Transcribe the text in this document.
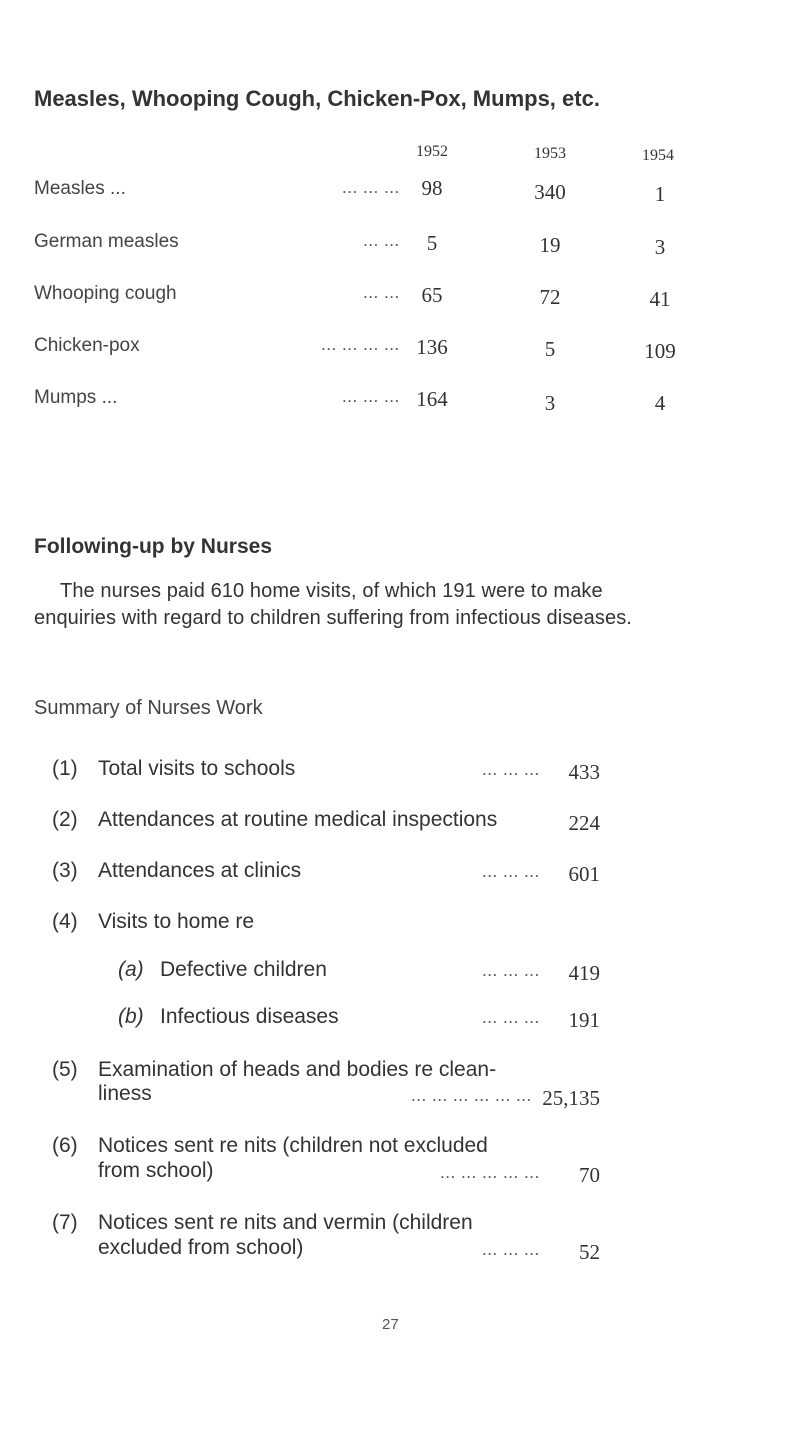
Measles, Whooping Cough, Chicken-Pox, Mumps, etc.
1952	1953	1954
Measles ...	... ... ...	98	340	1
German measles	... ...	5	19	3
Whooping cough	... ...	65	72	41
Chicken-pox	... ... ... ... 136	5	109
Mumps ...	... ... ... 164	3	4
Following-up by Nurses
The nurses paid 610 home visits, of which 191 were to make
enquiries with regard to children suffering from infectious diseases.
Summary of Nurses Work
(1) Total visits to schools	... ... ...	433
(2) Attendances at routine medical inspections	224
(3) Attendances at clinics	... ... ...	601
(4) Visits to home re
(a) Defective children	... ... ...	419
(b) Infectious diseases	... ... ...	191
(5) Examination of heads and bodies re clean-
liness	... ... ... ... ... ... 25,135
(6) Notices sent re nits (children not excluded
from school)	... ... ... ... ...	70
(7) Notices sent re nits and vermin (children
excluded from school)	... ... ...	52
27
